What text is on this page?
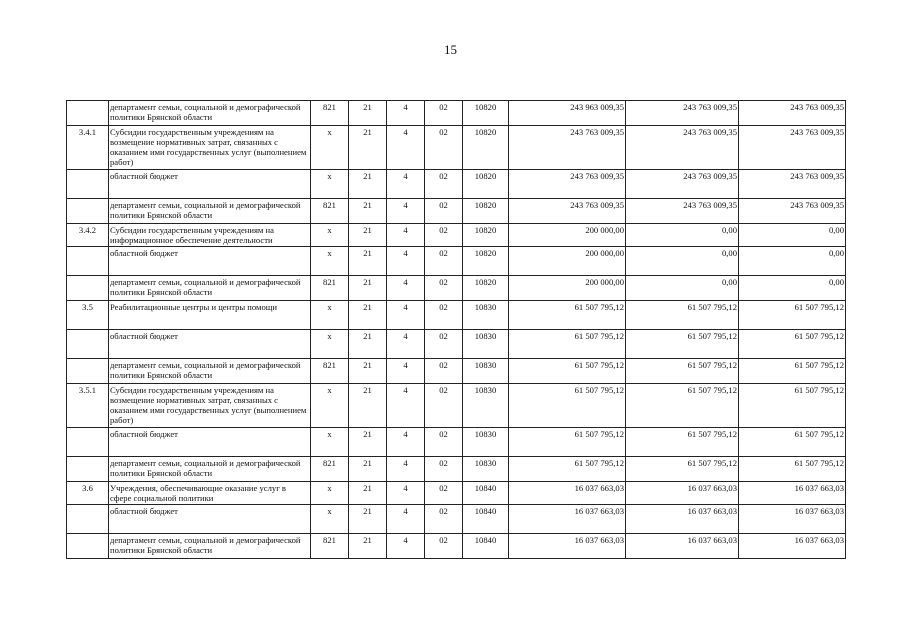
15
	департамент семьи, социальной и демографической политики Брянской области	821	21	4	02	10820	243 963 009,35	243 763 009,35	243 763 009,35
3.4.1	Субсидии государственным учреждениям на возмещение нормативных затрат, связанных с оказанием ими государственных услуг (выполнением работ)	х	21	4	02	10820	243 763 009,35	243 763 009,35	243 763 009,35
	областной бюджет	х	21	4	02	10820	243 763 009,35	243 763 009,35	243 763 009,35
	департамент семьи, социальной и демографической политики Брянской области	821	21	4	02	10820	243 763 009,35	243 763 009,35	243 763 009,35
3.4.2	Субсидии государственным учреждениям на информационное обеспечение деятельности	х	21	4	02	10820	200 000,00	0,00	0,00
	областной бюджет	х	21	4	02	10820	200 000,00	0,00	0,00
	департамент семьи, социальной и демографической политики Брянской области	821	21	4	02	10820	200 000,00	0,00	0,00
3.5	Реабилитационные центры и центры помощи	х	21	4	02	10830	61 507 795,12	61 507 795,12	61 507 795,12
	областной бюджет	х	21	4	02	10830	61 507 795,12	61 507 795,12	61 507 795,12
	департамент семьи, социальной и демографической политики Брянской области	821	21	4	02	10830	61 507 795,12	61 507 795,12	61 507 795,12
3.5.1	Субсидии государственным учреждениям на возмещение нормативных затрат, связанных с оказанием ими государственных услуг (выполнением работ)	х	21	4	02	10830	61 507 795,12	61 507 795,12	61 507 795,12
	областной бюджет	х	21	4	02	10830	61 507 795,12	61 507 795,12	61 507 795,12
	департамент семьи, социальной и демографической политики Брянской области	821	21	4	02	10830	61 507 795,12	61 507 795,12	61 507 795,12
3.6	Учреждения, обеспечивающие оказание услуг в сфере социальной политики	х	21	4	02	10840	16 037 663,03	16 037 663,03	16 037 663,03
	областной бюджет	х	21	4	02	10840	16 037 663,03	16 037 663,03	16 037 663,03
	департамент семьи, социальной и демографической политики Брянской области	821	21	4	02	10840	16 037 663,03	16 037 663,03	16 037 663,03
